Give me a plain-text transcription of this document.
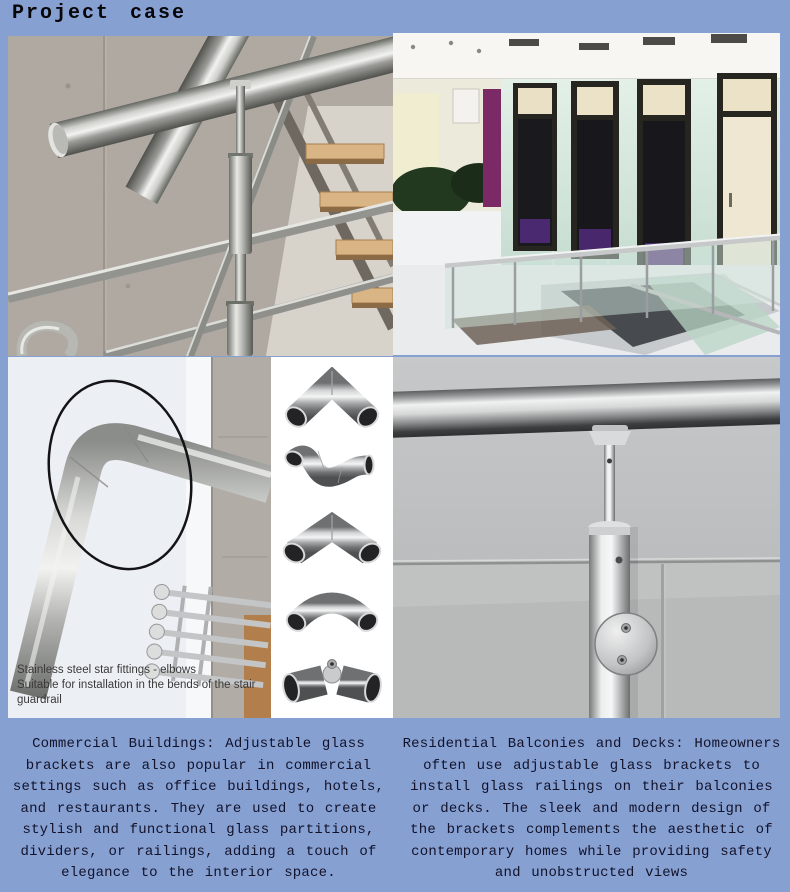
Project case
Stainless steel star fittings - elbows
Suitable for installation in the bends of the stair guardrail

Commercial Buildings: Adjustable glass brackets are also popular in commercial settings such as office buildings, hotels, and restaurants. They are used to create stylish and functional glass partitions, dividers, or railings, adding a touch of elegance to the interior space.

Residential Balconies and Decks: Homeowners often use adjustable glass brackets to install glass railings on their balconies or decks. The sleek and modern design of the brackets complements the aesthetic of contemporary homes while providing safety and unobstructed views
